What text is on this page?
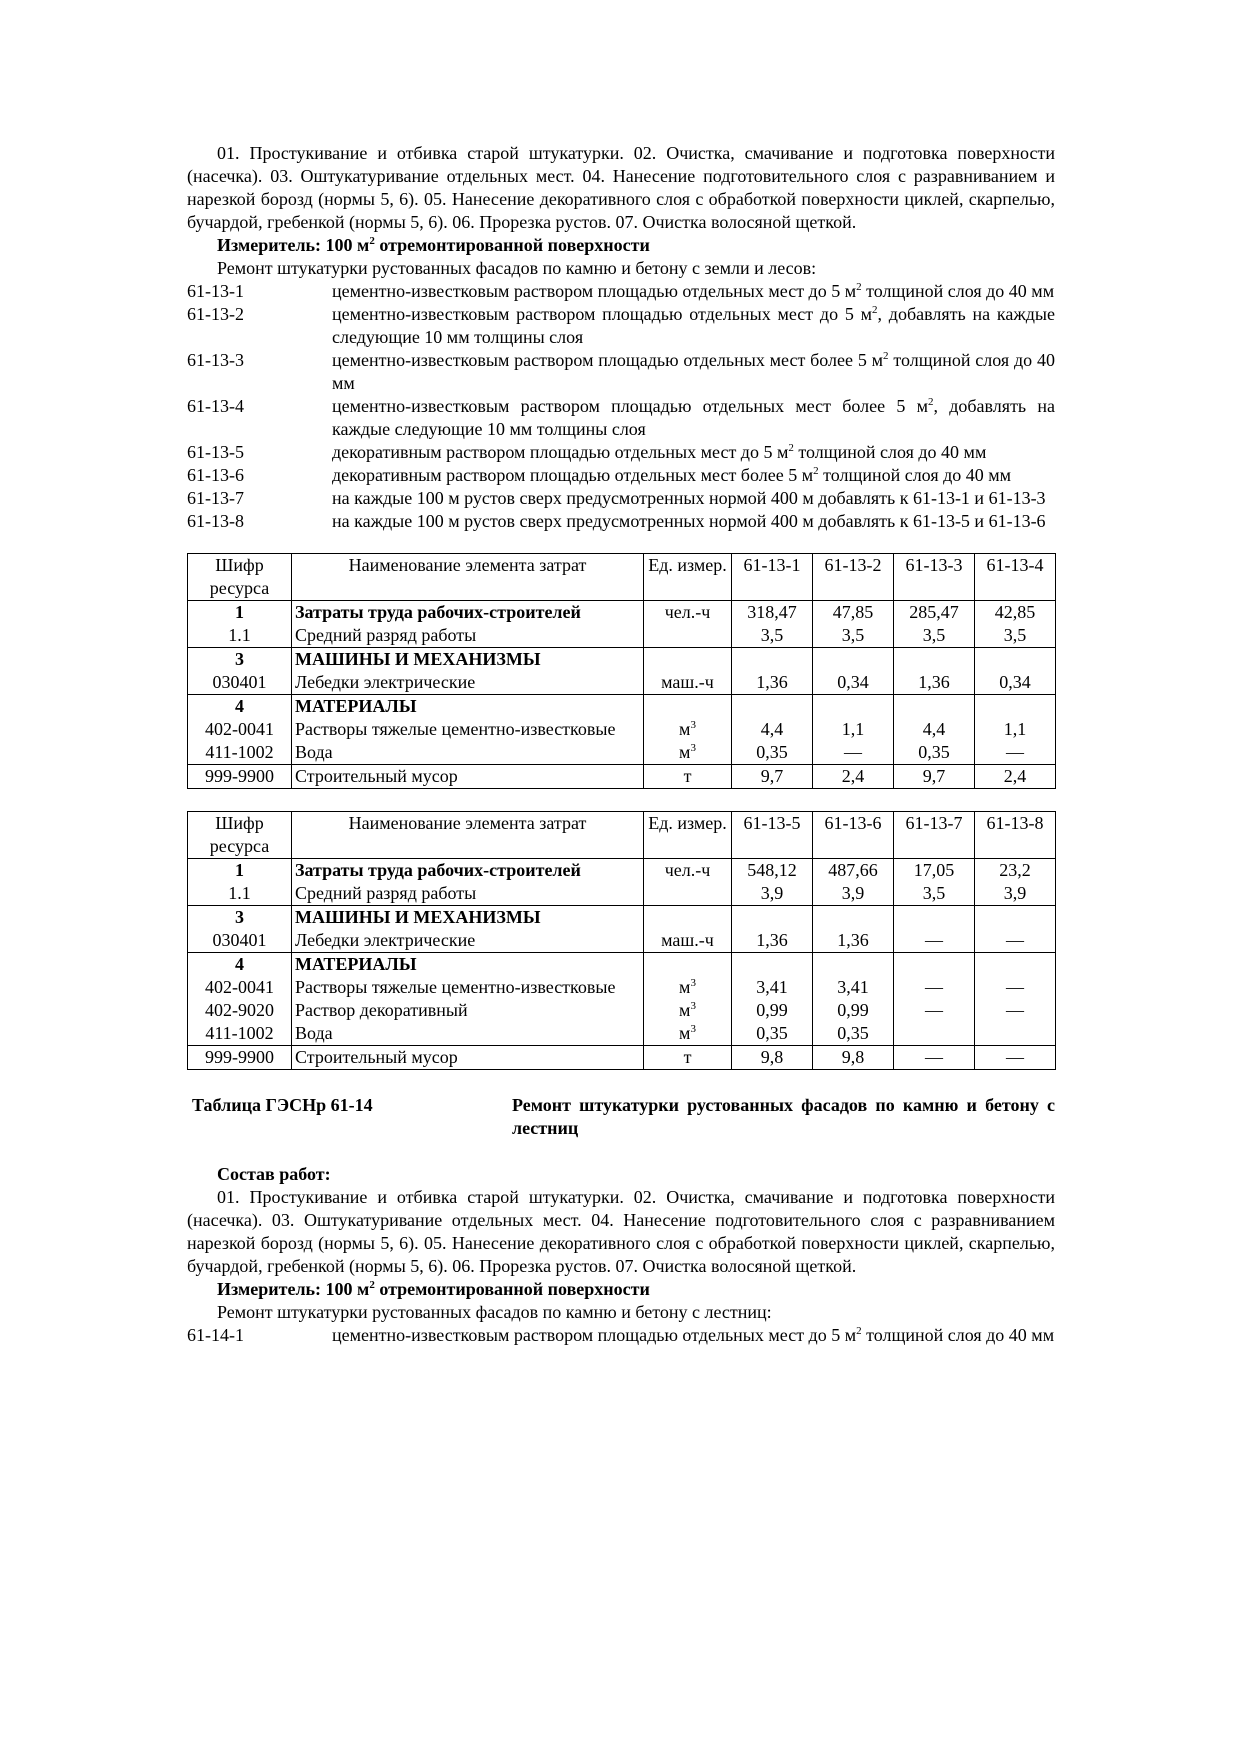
01. Простукивание и отбивка старой штукатурки. 02. Очистка, смачивание и подготовка поверхности (насечка). 03. Оштукатуривание отдельных мест. 04. Нанесение подготовительного слоя с разравниванием и нарезкой борозд (нормы 5, 6). 05. Нанесение декоративного слоя с обработкой поверхности циклей, скарпелью, бучардой, гребенкой (нормы 5, 6). 06. Прорезка рустов. 07. Очистка волосяной щеткой.

Измеритель: 100 $м^2$ отремонтированной поверхности

Ремонт штукатурки рустованных фасадов по камню и бетону с земли и лесов:

61-13-1	цементно-известковым раствором площадью отдельных мест до 5 $м^2$ толщиной слоя до 40 мм
61-13-2	цементно-известковым раствором площадью отдельных мест до 5 $м^2$, добавлять на каждые следующие 10 мм толщины слоя
61-13-3	цементно-известковым раствором площадью отдельных мест более 5 $м^2$ толщиной слоя до 40 мм
61-13-4	цементно-известковым раствором площадью отдельных мест более 5 $м^2$, добавлять на каждые следующие 10 мм толщины слоя
61-13-5	декоративным раствором площадью отдельных мест до 5 $м^2$ толщиной слоя до 40 мм
61-13-6	декоративным раствором площадью отдельных мест более 5 $м^2$ толщиной слоя до 40 мм
61-13-7	на каждые 100 м рустов сверх предусмотренных нормой 400 м добавлять к 61-13-1 и 61-13-3
61-13-8	на каждые 100 м рустов сверх предусмотренных нормой 400 м добавлять к 61-13-5 и 61-13-6
Шифр ресурса	Наименование элемента затрат	Ед. измер.	61-13-1	61-13-2	61-13-3	61-13-4
1	Затраты труда рабочих-строителей	чел.-ч	318,47	47,85	285,47	42,85
1.1	Средний разряд работы		3,5	3,5	3,5	3,5
3	МАШИНЫ И МЕХАНИЗМЫ					
030401	Лебедки электрические	маш.-ч	1,36	0,34	1,36	0,34
4	МАТЕРИАЛЫ					
402-0041	Растворы тяжелые цементно-известковые	$м^3$	4,4	1,1	4,4	1,1
411-1002	Вода	$м^3$	0,35	—	0,35	—
999-9900	Строительный мусор	т	9,7	2,4	9,7	2,4
Шифр ресурса	Наименование элемента затрат	Ед. измер.	61-13-5	61-13-6	61-13-7	61-13-8
1	Затраты труда рабочих-строителей	чел.-ч	548,12	487,66	17,05	23,2
1.1	Средний разряд работы		3,9	3,9	3,5	3,9
3	МАШИНЫ И МЕХАНИЗМЫ					
030401	Лебедки электрические	маш.-ч	1,36	1,36	—	—
4	МАТЕРИАЛЫ					
402-0041	Растворы тяжелые цементно-известковые	$м^3$	3,41	3,41	—	—
402-9020	Раствор декоративный	$м^3$	0,99	0,99	—	—
411-1002	Вода	$м^3$	0,35	0,35		
999-9900	Строительный мусор	т	9,8	9,8	—	—
Таблица ГЭСНр 61-14	Ремонт штукатурки рустованных фасадов по камню и бетону с лестниц

Состав работ:

01. Простукивание и отбивка старой штукатурки. 02. Очистка, смачивание и подготовка поверхности (насечка). 03. Оштукатуривание отдельных мест. 04. Нанесение подготовительного слоя с разравниванием нарезкой борозд (нормы 5, 6). 05. Нанесение декоративного слоя с обработкой поверхности циклей, скарпелью, бучардой, гребенкой (нормы 5, 6). 06. Прорезка рустов. 07. Очистка волосяной щеткой.

Измеритель: 100 $м^2$ отремонтированной поверхности

Ремонт штукатурки рустованных фасадов по камню и бетону с лестниц:

61-14-1	цементно-известковым раствором площадью отдельных мест до 5 $м^2$ толщиной слоя до 40 мм
